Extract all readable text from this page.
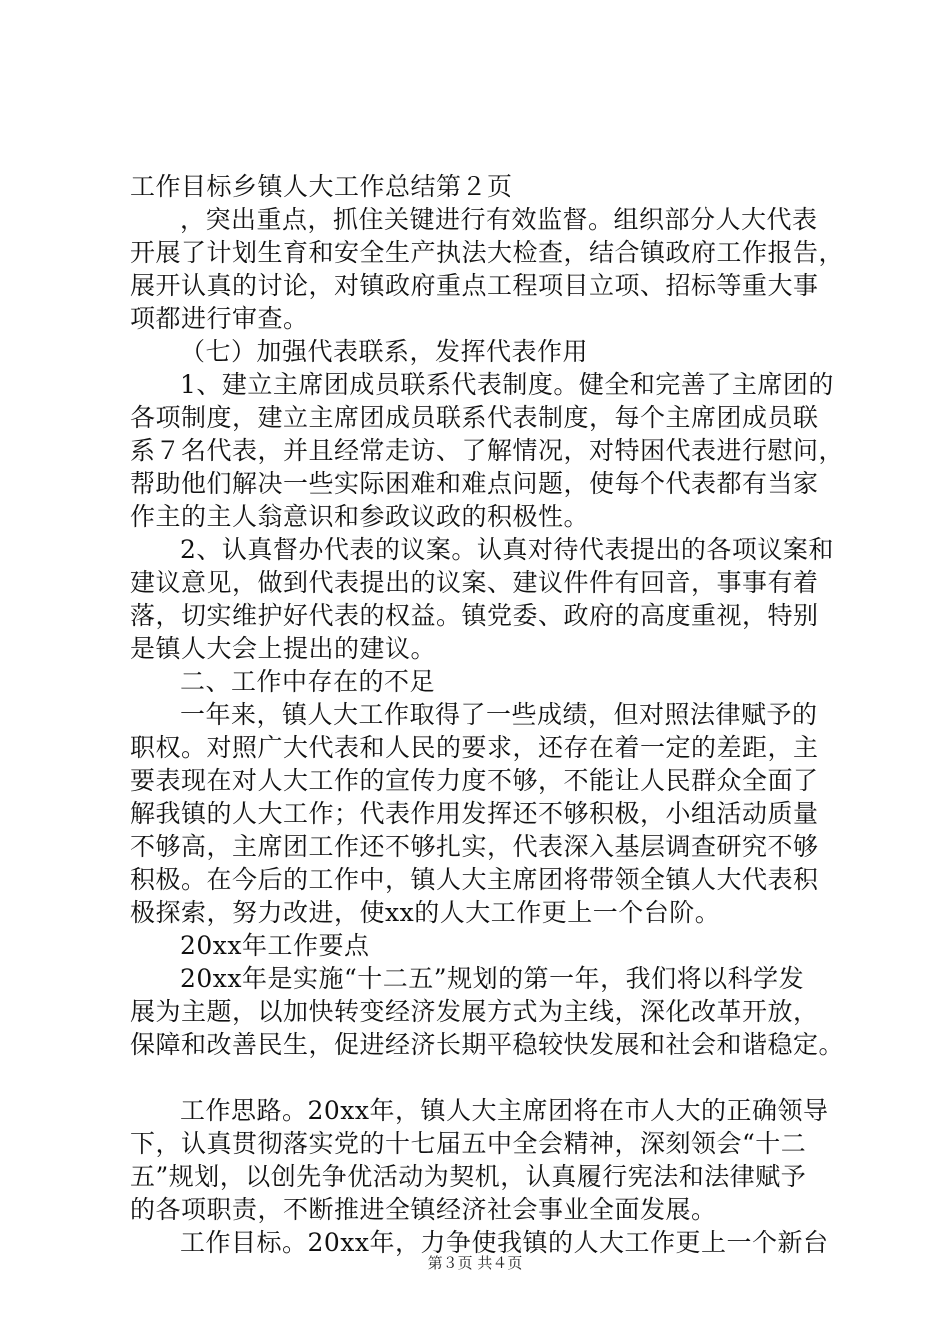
工作目标乡镇人大工作总结第２页
，突出重点，抓住关键进行有效监督。组织部分人大代表
开展了计划生育和安全生产执法大检查，结合镇政府工作报告，
展开认真的讨论，对镇政府重点工程项目立项、招标等重大事
项都进行审查。
（七）加强代表联系，发挥代表作用
1、建立主席团成员联系代表制度。健全和完善了主席团的
各项制度，建立主席团成员联系代表制度，每个主席团成员联
系７名代表，并且经常走访、了解情况，对特困代表进行慰问，
帮助他们解决一些实际困难和难点问题，使每个代表都有当家
作主的主人翁意识和参政议政的积极性。
2、认真督办代表的议案。认真对待代表提出的各项议案和
建议意见，做到代表提出的议案、建议件件有回音，事事有着
落，切实维护好代表的权益。镇党委、政府的高度重视，特别
是镇人大会上提出的建议。
二、工作中存在的不足
一年来，镇人大工作取得了一些成绩，但对照法律赋予的
职权。对照广大代表和人民的要求，还存在着一定的差距，主
要表现在对人大工作的宣传力度不够，不能让人民群众全面了
解我镇的人大工作；代表作用发挥还不够积极，小组活动质量
不够高，主席团工作还不够扎实，代表深入基层调查研究不够
积极。在今后的工作中，镇人大主席团将带领全镇人大代表积
极探索，努力改进，使xx的人大工作更上一个台阶。
20xx年工作要点
20xx年是实施“十二五”规划的第一年，我们将以科学发
展为主题，以加快转变经济发展方式为主线，深化改革开放，
保障和改善民生，促进经济长期平稳较快发展和社会和谐稳定。
工作思路。20xx年，镇人大主席团将在市人大的正确领导
下，认真贯彻落实党的十七届五中全会精神，深刻领会“十二
五”规划，以创先争优活动为契机，认真履行宪法和法律赋予
的各项职责，不断推进全镇经济社会事业全面发展。
工作目标。20xx年，力争使我镇的人大工作更上一个新台
第３页 共４页
